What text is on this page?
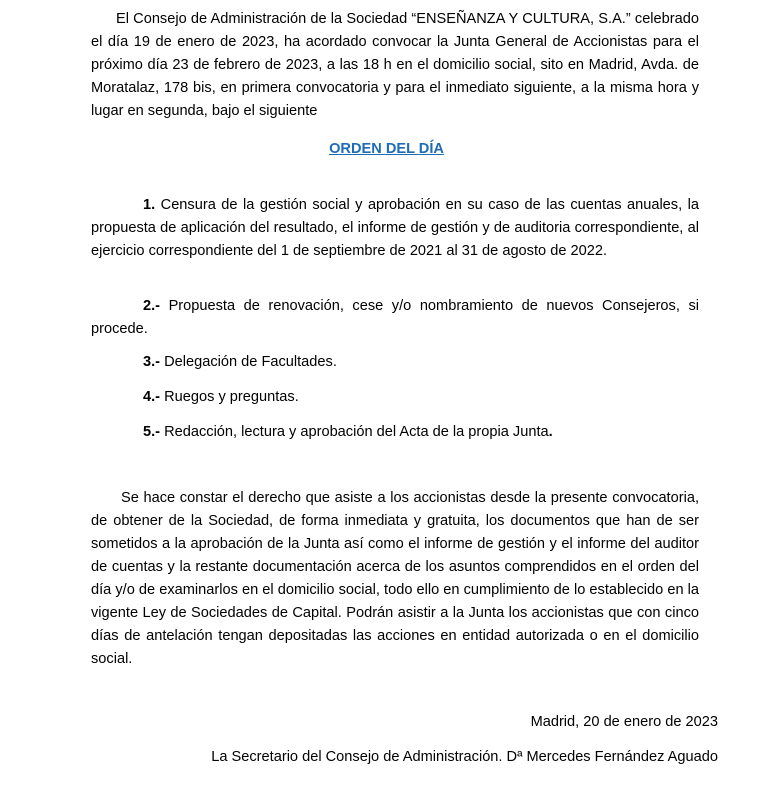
El Consejo de Administración de la Sociedad “ENSEÑANZA Y CULTURA, S.A.” celebrado el día 19 de enero de 2023, ha acordado convocar la Junta General de Accionistas para el próximo día 23 de febrero de 2023, a las 18 h en el domicilio social, sito en Madrid, Avda. de Moratalaz, 178 bis, en primera convocatoria y para el inmediato siguiente, a la misma hora y lugar en segunda, bajo el siguiente

ORDEN DEL DÍA

1. Censura de la gestión social y aprobación en su caso de las cuentas anuales, la propuesta de aplicación del resultado, el informe de gestión y de auditoria correspondiente, al ejercicio correspondiente del 1 de septiembre de 2021 al 31 de agosto de 2022.

2.- Propuesta de renovación, cese y/o nombramiento de nuevos Consejeros, si procede.

3.- Delegación de Facultades.

4.- Ruegos y preguntas.

5.- Redacción, lectura y aprobación del Acta de la propia Junta.

Se hace constar el derecho que asiste a los accionistas desde la presente convocatoria, de obtener de la Sociedad, de forma inmediata y gratuita, los documentos que han de ser sometidos a la aprobación de la Junta así como el informe de gestión y el informe del auditor de cuentas y la restante documentación acerca de los asuntos comprendidos en el orden del día y/o de examinarlos en el domicilio social, todo ello en cumplimiento de lo establecido en la vigente Ley de Sociedades de Capital. Podrán asistir a la Junta los accionistas que con cinco días de antelación tengan depositadas las acciones en entidad autorizada o en el domicilio social.

Madrid, 20 de enero de 2023

La Secretario del Consejo de Administración. Dª Mercedes Fernández Aguado
